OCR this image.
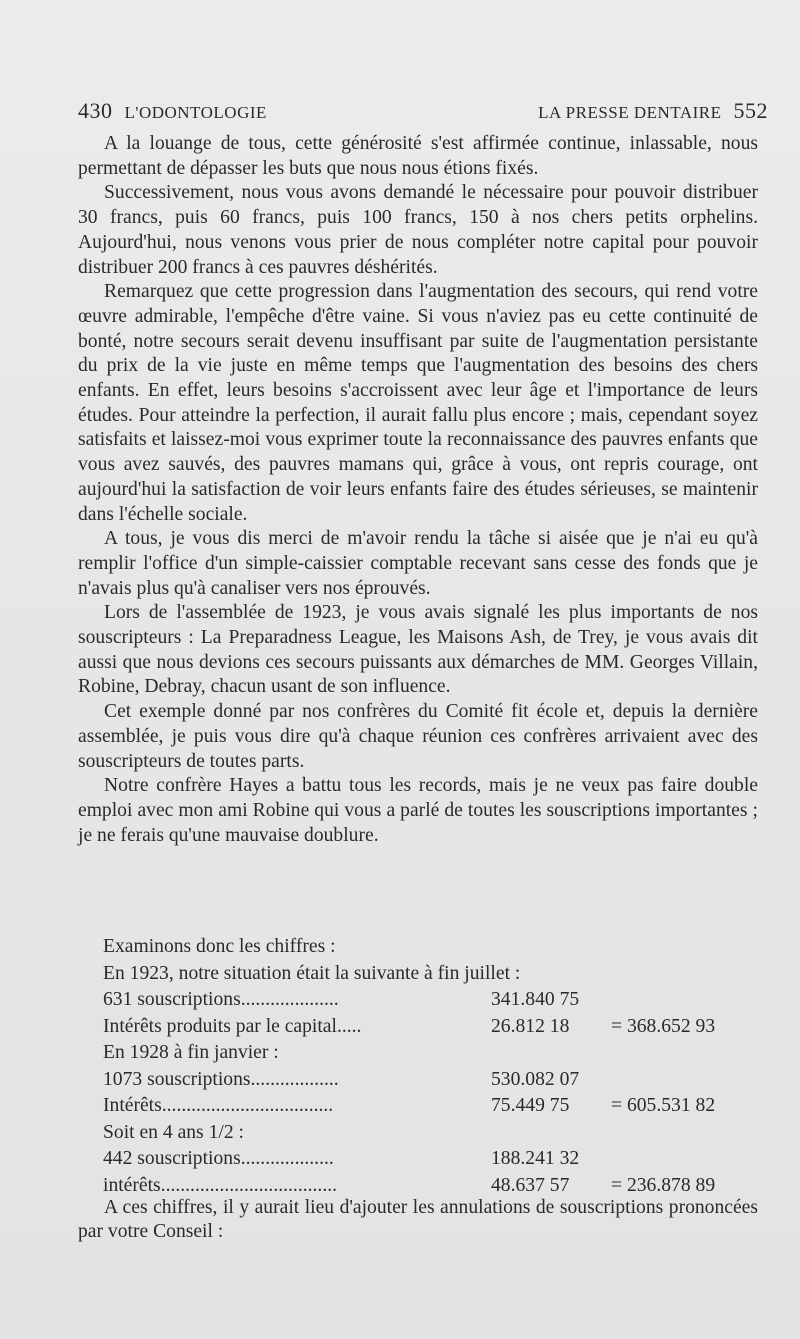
430 L'ODONTOLOGIE	LA PRESSE DENTAIRE 552

A la louange de tous, cette générosité s'est affirmée continue, inlassable, nous permettant de dépasser les buts que nous nous étions fixés.

Successivement, nous vous avons demandé le nécessaire pour pouvoir distribuer 30 francs, puis 60 francs, puis 100 francs, 150 à nos chers petits orphelins. Aujourd'hui, nous venons vous prier de nous compléter notre capital pour pouvoir distribuer 200 francs à ces pauvres déshérités.

Remarquez que cette progression dans l'augmentation des secours, qui rend votre œuvre admirable, l'empêche d'être vaine. Si vous n'aviez pas eu cette continuité de bonté, notre secours serait devenu insuffisant par suite de l'augmentation persistante du prix de la vie juste en même temps que l'augmentation des besoins des chers enfants. En effet, leurs besoins s'accroissent avec leur âge et l'importance de leurs études. Pour atteindre la perfection, il aurait fallu plus encore ; mais, cependant soyez satisfaits et laissez-moi vous exprimer toute la reconnaissance des pauvres enfants que vous avez sauvés, des pauvres mamans qui, grâce à vous, ont repris courage, ont aujourd'hui la satisfaction de voir leurs enfants faire des études sérieuses, se maintenir dans l'échelle sociale.

A tous, je vous dis merci de m'avoir rendu la tâche si aisée que je n'ai eu qu'à remplir l'office d'un simple-caissier comptable recevant sans cesse des fonds que je n'avais plus qu'à canaliser vers nos éprouvés.

Lors de l'assemblée de 1923, je vous avais signalé les plus importants de nos souscripteurs : La Preparadness League, les Maisons Ash, de Trey, je vous avais dit aussi que nous devions ces secours puissants aux démarches de MM. Georges Villain, Robine, Debray, chacun usant de son influence.

Cet exemple donné par nos confrères du Comité fit école et, depuis la dernière assemblée, je puis vous dire qu'à chaque réunion ces confrères arrivaient avec des souscripteurs de toutes parts.

Notre confrère Hayes a battu tous les records, mais je ne veux pas faire double emploi avec mon ami Robine qui vous a parlé de toutes les souscriptions importantes ; je ne ferais qu'une mauvaise doublure.

Examinons donc les chiffres :
En 1923, notre situation était la suivante à fin juillet :
631 souscriptions....................	341.840 75
Intérêts produits par le capital.....	26.812 18	= 368.652 93
En 1928 à fin janvier :
1073 souscriptions..................	530.082 07
Intérêts...................................	75.449 75	= 605.531 82
Soit en 4 ans 1/2 :
442 souscriptions...................	188.241 32
intérêts....................................	48.637 57	= 236.878 89

A ces chiffres, il y aurait lieu d'ajouter les annulations de souscriptions prononcées par votre Conseil :
